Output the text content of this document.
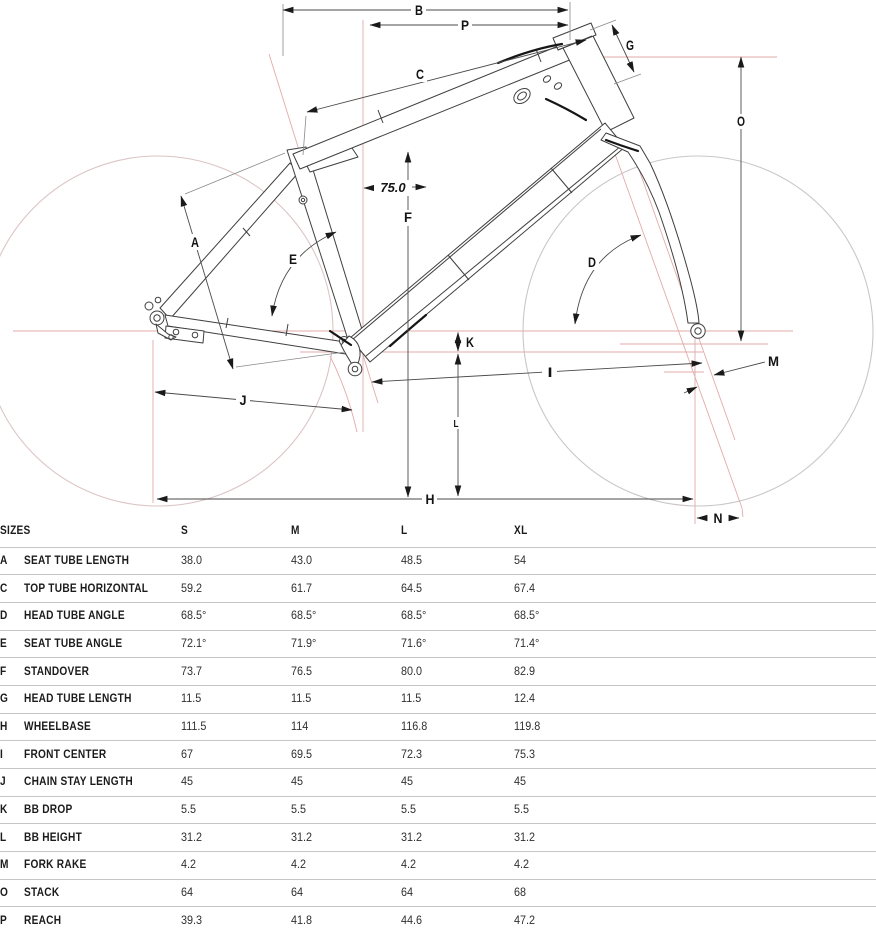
B
P
C
G
O
A
E
F
D
I
J
K
L
M
H
N
75.0
SIZES		S	M	L	XL
A	SEAT TUBE LENGTH	38.0	43.0	48.5	54
C	TOP TUBE HORIZONTAL	59.2	61.7	64.5	67.4
D	HEAD TUBE ANGLE	68.5°	68.5°	68.5°	68.5°
E	SEAT TUBE ANGLE	72.1°	71.9°	71.6°	71.4°
F	STANDOVER	73.7	76.5	80.0	82.9
G	HEAD TUBE LENGTH	11.5	11.5	11.5	12.4
H	WHEELBASE	111.5	114	116.8	119.8
I	FRONT CENTER	67	69.5	72.3	75.3
J	CHAIN STAY LENGTH	45	45	45	45
K	BB DROP	5.5	5.5	5.5	5.5
L	BB HEIGHT	31.2	31.2	31.2	31.2
M	FORK RAKE	4.2	4.2	4.2	4.2
O	STACK	64	64	64	68
P	REACH	39.3	41.8	44.6	47.2
